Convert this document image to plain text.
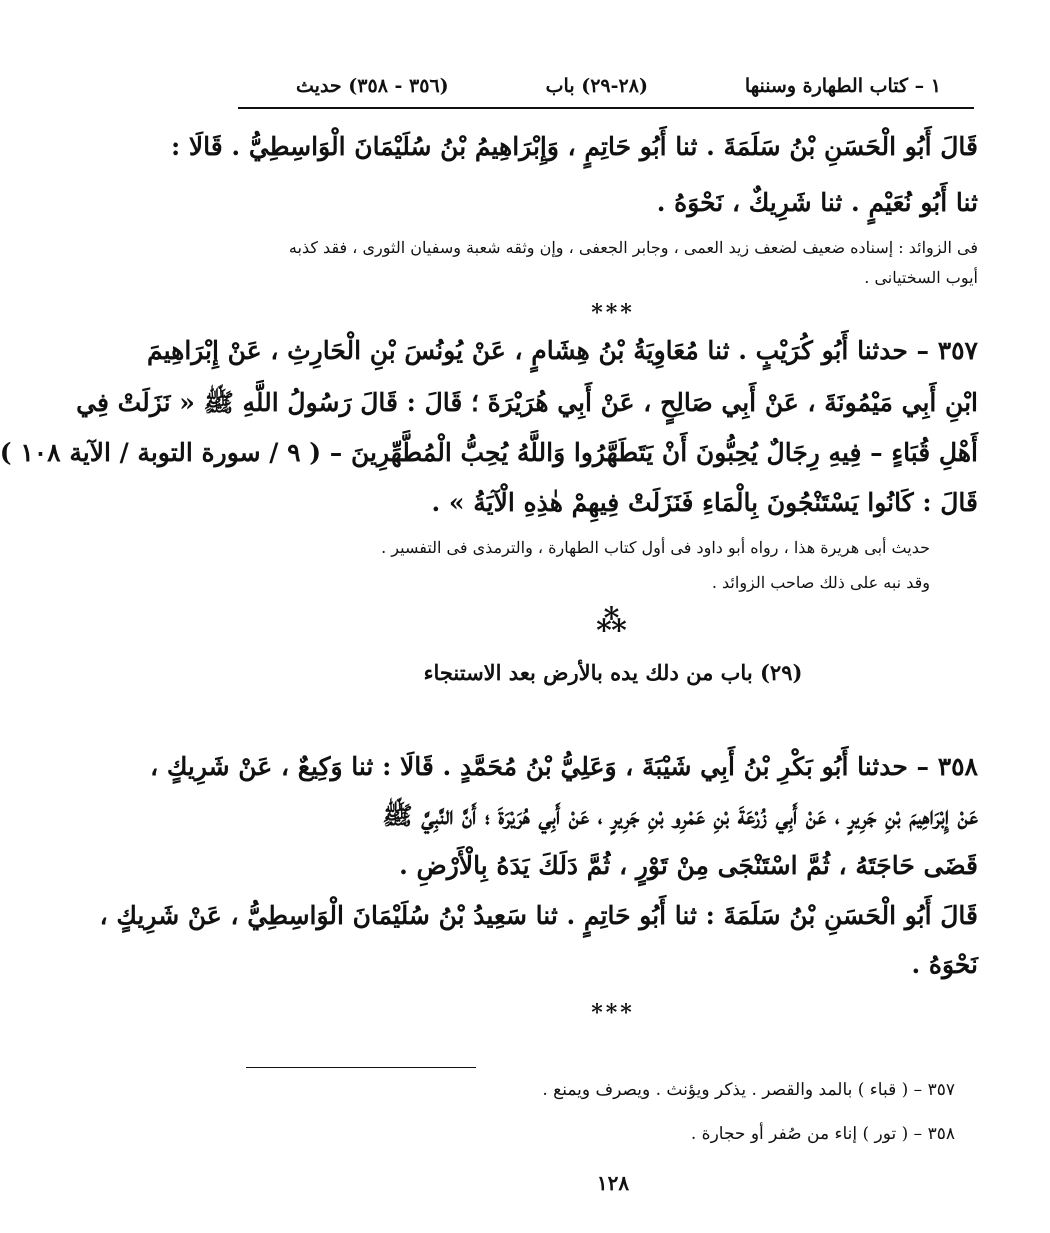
١ – كتاب الطهارة وسننها
(٢٨-٢٩) باب
(٣٥٦ - ٣٥٨) حديث
قَالَ أَبُو الْحَسَنِ بْنُ سَلَمَةَ . ثنا أَبُو حَاتِمٍ ، وَإِبْرَاهِيمُ بْنُ سُلَيْمَانَ الْوَاسِطِيُّ . قَالَا :
ثنا أَبُو نُعَيْمٍ . ثنا شَرِيكٌ ، نَحْوَهُ .
فى الزوائد : إسناده ضعيف لضعف زيد العمى ، وجابر الجعفى ، وإن وثقه شعبة وسفيان الثورى ، فقد كذبه
أيوب السختيانى .
***
٣٥٧ – حدثنا أَبُو كُرَيْبٍ . ثنا مُعَاوِيَةُ بْنُ هِشَامٍ ، عَنْ يُونُسَ بْنِ الْحَارِثِ ، عَنْ إِبْرَاهِيمَ
ابْنِ أَبِي مَيْمُونَةَ ، عَنْ أَبِي صَالِحٍ ، عَنْ أَبِي هُرَيْرَةَ ؛ قَالَ : قَالَ رَسُولُ اللَّهِ ﷺ « نَزَلَتْ فِي
أَهْلِ قُبَاءٍ – فِيهِ رِجَالٌ يُحِبُّونَ أَنْ يَتَطَهَّرُوا وَاللَّهُ يُحِبُّ الْمُطَّهِّرِينَ – ( ٩ / سورة التوبة / الآية ١٠٨ )
قَالَ : كَانُوا يَسْتَنْجُونَ بِالْمَاءِ فَنَزَلَتْ فِيهِمْ هٰذِهِ الْآيَةُ » .
حديث أبى هريرة هذا ، رواه أبو داود فى أول كتاب الطهارة ، والترمذى فى التفسير .
وقد نبه على ذلك صاحب الزوائد .
⁂
(٢٩) باب من دلك يده بالأرض بعد الاستنجاء
٣٥٨ – حدثنا أَبُو بَكْرِ بْنُ أَبِي شَيْبَةَ ، وَعَلِيُّ بْنُ مُحَمَّدٍ . قَالَا : ثنا وَكِيعٌ ، عَنْ شَرِيكٍ ،
عَنْ إِبْرَاهِيمَ بْنِ جَرِيرٍ ، عَنْ أَبِي زُرْعَةَ بْنِ عَمْرِو بْنِ جَرِيرٍ ، عَنْ أَبِي هُرَيْرَةَ ؛ أَنَّ النَّبِيَّ ﷺ
قَضَى حَاجَتَهُ ، ثُمَّ اسْتَنْجَى مِنْ تَوْرٍ ، ثُمَّ دَلَكَ يَدَهُ بِالْأَرْضِ .
قَالَ أَبُو الْحَسَنِ بْنُ سَلَمَةَ : ثنا أَبُو حَاتِمٍ . ثنا سَعِيدُ بْنُ سُلَيْمَانَ الْوَاسِطِيُّ ، عَنْ شَرِيكٍ ،
نَحْوَهُ .
***
٣٥٧ – ( قباء ) بالمد والقصر . يذكر ويؤنث . ويصرف ويمنع .
٣٥٨ – ( تور ) إناء من صُفر أو حجارة .
١٢٨
